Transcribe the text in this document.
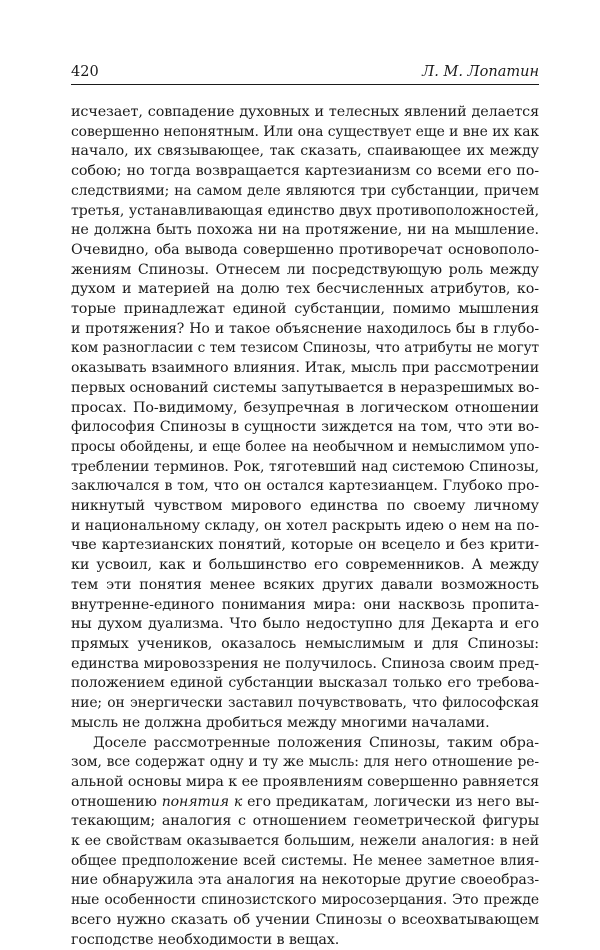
420	Л. М. Лопатин
исчезает, совпадение духовных и телесных явлений делается
совершенно непонятным. Или она существует еще и вне их как
начало, их связывающее, так сказать, спаивающее их между
собою; но тогда возвращается картезианизм со всеми его по-
следствиями; на самом деле являются три субстанции, причем
третья, устанавливающая единство двух противоположностей,
не должна быть похожа ни на протяжение, ни на мышление.
Очевидно, оба вывода совершенно противоречат основополо-
жениям Спинозы. Отнесем ли посредствующую роль между
духом и материей на долю тех бесчисленных атрибутов, ко-
торые принадлежат единой субстанции, помимо мышления
и протяжения? Но и такое объяснение находилось бы в глубо-
ком разногласии с тем тезисом Спинозы, что атрибуты не могут
оказывать взаимного влияния. Итак, мысль при рассмотрении
первых оснований системы запутывается в неразрешимых во-
просах. По-видимому, безупречная в логическом отношении
философия Спинозы в сущности зиждется на том, что эти во-
просы обойдены, и еще более на необычном и немыслимом упо-
треблении терминов. Рок, тяготевший над системою Спинозы,
заключался в том, что он остался картезианцем. Глубоко про-
никнутый чувством мирового единства по своему личному
и национальному складу, он хотел раскрыть идею о нем на по-
чве картезианских понятий, которые он всецело и без крити-
ки усвоил, как и большинство его современников. А между
тем эти понятия менее всяких других давали возможность
внутренне-единого понимания мира: они насквозь пропита-
ны духом дуализма. Что было недоступно для Декарта и его
прямых учеников, оказалось немыслимым и для Спинозы:
единства мировоззрения не получилось. Спиноза своим пред-
положением единой субстанции высказал только его требова-
ние; он энергически заставил почувствовать, что философская
мысль не должна дробиться между многими началами.
Доселе рассмотренные положения Спинозы, таким обра-
зом, все содержат одну и ту же мысль: для него отношение ре-
альной основы мира к ее проявлениям совершенно равняется
отношению понятия к его предикатам, логически из него вы-
текающим; аналогия с отношением геометрической фигуры
к ее свойствам оказывается большим, нежели аналогия: в ней
общее предположение всей системы. Не менее заметное влия-
ние обнаружила эта аналогия на некоторые другие своеобраз-
ные особенности спинозистского миросозерцания. Это прежде
всего нужно сказать об учении Спинозы о всеохватывающем
господстве необходимости в вещах.
